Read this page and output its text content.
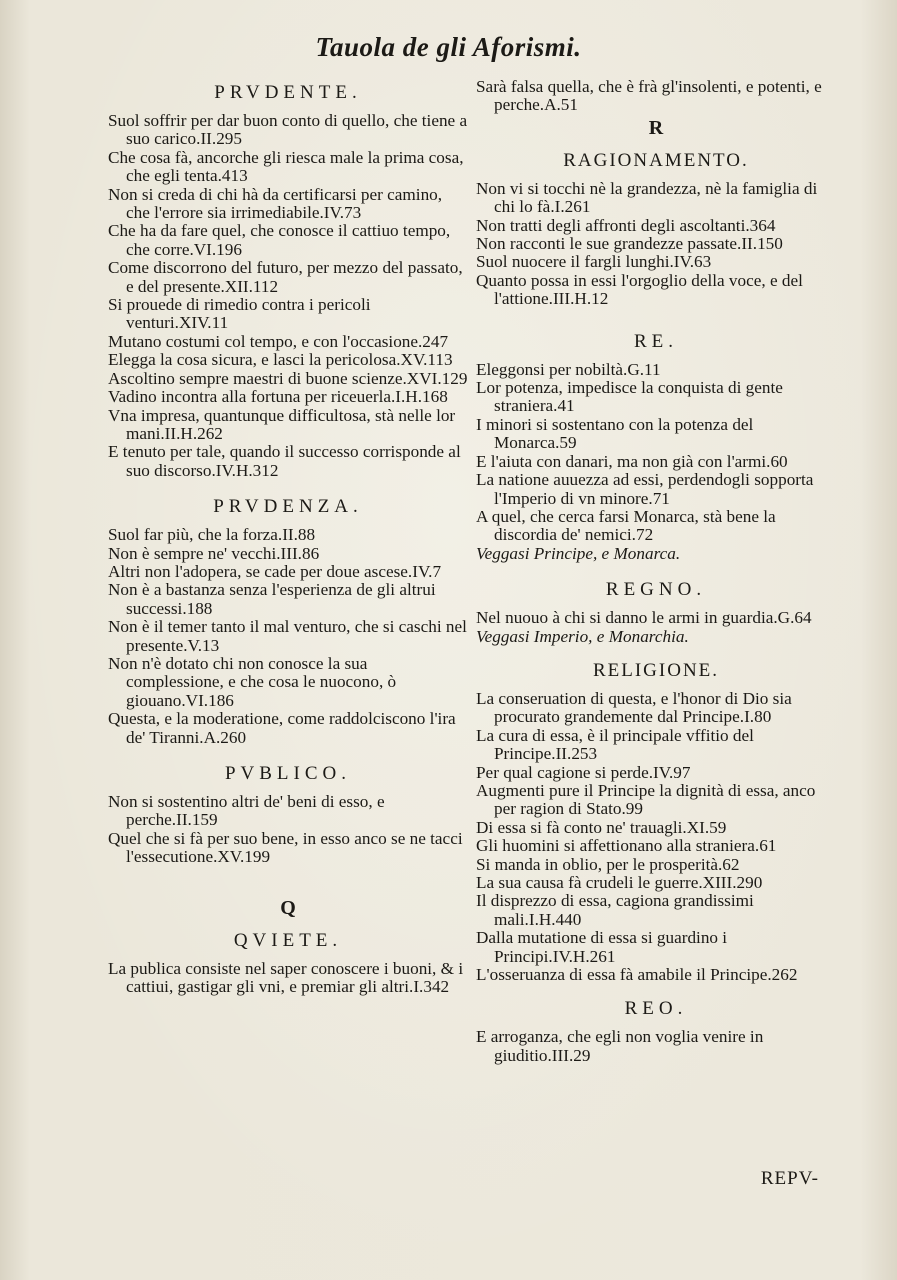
Tauola de gli Aforismi.
PRVDENTE.
Suol soffrir per dar buon conto di quello, che tiene a suo carico.II.295
Che cosa fà, ancorche gli riesca male la prima cosa, che egli tenta.413
Non si creda di chi hà da certificarsi per camino, che l'errore sia irrimediabile.IV.73
Che ha da fare quel, che conosce il cattiuo tempo, che corre.VI.196
Come discorrono del futuro, per mezzo del passato, e del presente.XII.112
Si prouede di rimedio contra i pericoli venturi.XIV.11
Mutano costumi col tempo, e con l'occasione.247
Elegga la cosa sicura, e lasci la pericolosa.XV.113
Ascoltino sempre maestri di buone scienze.XVI.129
Vadino incontra alla fortuna per riceuerla.I.H.168
Vna impresa, quantunque difficultosa, stà nelle lor mani.II.H.262
E tenuto per tale, quando il successo corrisponde al suo discorso.IV.H.312
PRVDENZA.
Suol far più, che la forza.II.88
Non è sempre ne' vecchi.III.86
Altri non l'adopera, se cade per doue ascese.IV.7
Non è a bastanza senza l'esperienza de gli altrui successi.188
Non è il temer tanto il mal venturo, che si caschi nel presente.V.13
Non n'è dotato chi non conosce la sua complessione, e che cosa le nuocono, ò giouano.VI.186
Questa, e la moderatione, come raddolciscono l'ira de' Tiranni.A.260
PVBLICO.
Non si sostentino altri de' beni di esso, e perche.II.159
Quel che si fà per suo bene, in esso anco se ne tacci l'essecutione.XV.199
Q
QVIETE.
La publica consiste nel saper conoscere i buoni, & i cattiui, gastigar gli vni, e premiar gli altri.I.342
Sarà falsa quella, che è frà gl'insolenti, e potenti, e perche.A.51
R
RAGIONAMENTO.
Non vi si tocchi nè la grandezza, nè la famiglia di chi lo fà.I.261
Non tratti degli affronti degli ascoltanti.364
Non racconti le sue grandezze passate.II.150
Suol nuocere il fargli lunghi.IV.63
Quanto possa in essi l'orgoglio della voce, e del l'attione.III.H.12
RE.
Eleggonsi per nobiltà.G.11
Lor potenza, impedisce la conquista di gente straniera.41
I minori si sostentano con la potenza del Monarca.59
E l'aiuta con danari, ma non già con l'armi.60
La natione auuezza ad essi, perdendogli sopporta l'Imperio di vn minore.71
A quel, che cerca farsi Monarca, stà bene la discordia de' nemici.72
Veggasi Principe, e Monarca.
REGNO.
Nel nuouo à chi si danno le armi in guardia.G.64
Veggasi Imperio, e Monarchia.
RELIGIONE.
La conseruation di questa, e l'honor di Dio sia procurato grandemente dal Principe.I.80
La cura di essa, è il principale vffitio del Principe.II.253
Per qual cagione si perde.IV.97
Augmenti pure il Principe la dignità di essa, anco per ragion di Stato.99
Di essa si fà conto ne' trauagli.XI.59
Gli huomini si affettionano alla straniera.61
Si manda in oblio, per le prosperità.62
La sua causa fà crudeli le guerre.XIII.290
Il disprezzo di essa, cagiona grandissimi mali.I.H.440
Dalla mutatione di essa si guardino i Principi.IV.H.261
L'osseruanza di essa fà amabile il Principe.262
REO.
E arroganza, che egli non voglia venire in giuditio.III.29
REPV-
